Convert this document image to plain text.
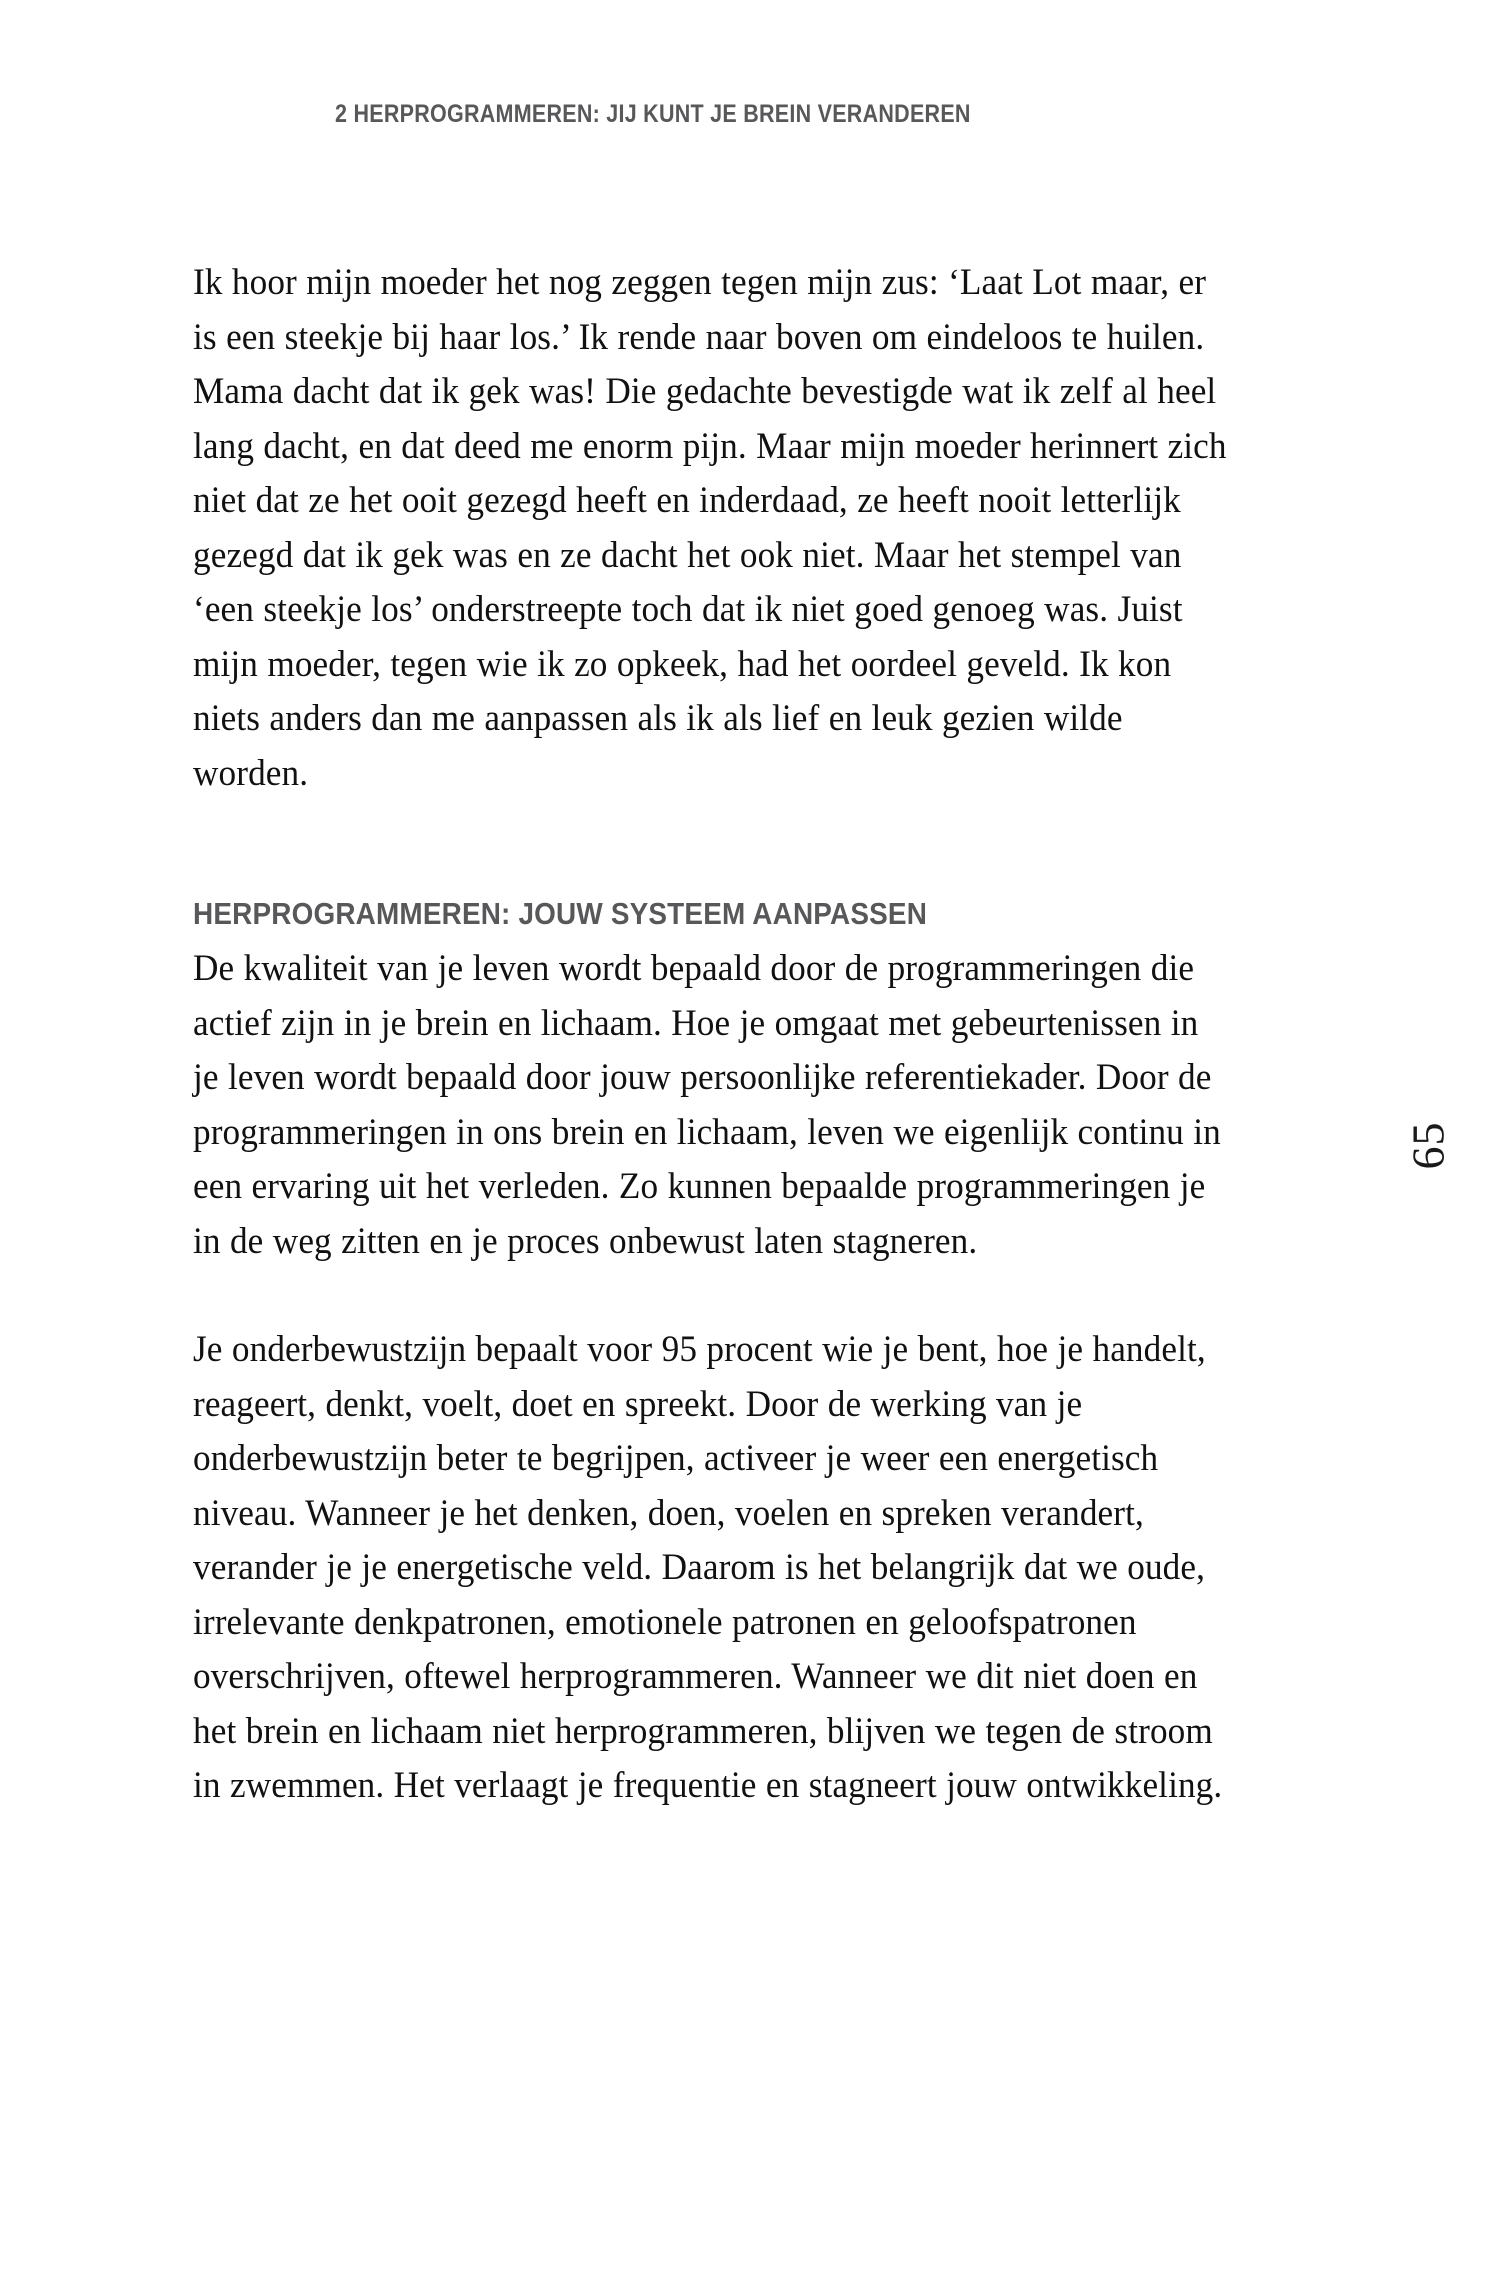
2 HERPROGRAMMEREN: JIJ KUNT JE BREIN VERANDEREN

Ik hoor mijn moeder het nog zeggen tegen mijn zus: ‘Laat Lot maar, er is een steekje bij haar los.’ Ik rende naar boven om eindeloos te huilen. Mama dacht dat ik gek was! Die gedachte bevestigde wat ik zelf al heel lang dacht, en dat deed me enorm pijn. Maar mijn moeder herinnert zich niet dat ze het ooit gezegd heeft en inderdaad, ze heeft nooit letterlijk gezegd dat ik gek was en ze dacht het ook niet. Maar het stempel van ‘een steekje los’ onderstreepte toch dat ik niet goed genoeg was. Juist mijn moeder, tegen wie ik zo opkeek, had het oordeel geveld. Ik kon niets anders dan me aanpassen als ik als lief en leuk gezien wilde worden.

HERPROGRAMMEREN: JOUW SYSTEEM AANPASSEN

De kwaliteit van je leven wordt bepaald door de programmeringen die actief zijn in je brein en lichaam. Hoe je omgaat met gebeurtenissen in je leven wordt bepaald door jouw persoonlijke referentiekader. Door de programmeringen in ons brein en lichaam, leven we eigenlijk continu in een ervaring uit het verleden. Zo kunnen bepaalde programmeringen je in de weg zitten en je proces onbewust laten stagneren.

Je onderbewustzijn bepaalt voor 95 procent wie je bent, hoe je handelt, reageert, denkt, voelt, doet en spreekt. Door de werking van je onderbewustzijn beter te begrijpen, activeer je weer een energetisch niveau. Wanneer je het denken, doen, voelen en spreken verandert, verander je je energetische veld. Daarom is het belangrijk dat we oude, irrelevante denkpatronen, emotionele patronen en geloofspatronen overschrijven, oftewel herprogrammeren. Wanneer we dit niet doen en het brein en lichaam niet herprogrammeren, blijven we tegen de stroom in zwemmen. Het verlaagt je frequentie en stagneert jouw ontwikkeling.

65
